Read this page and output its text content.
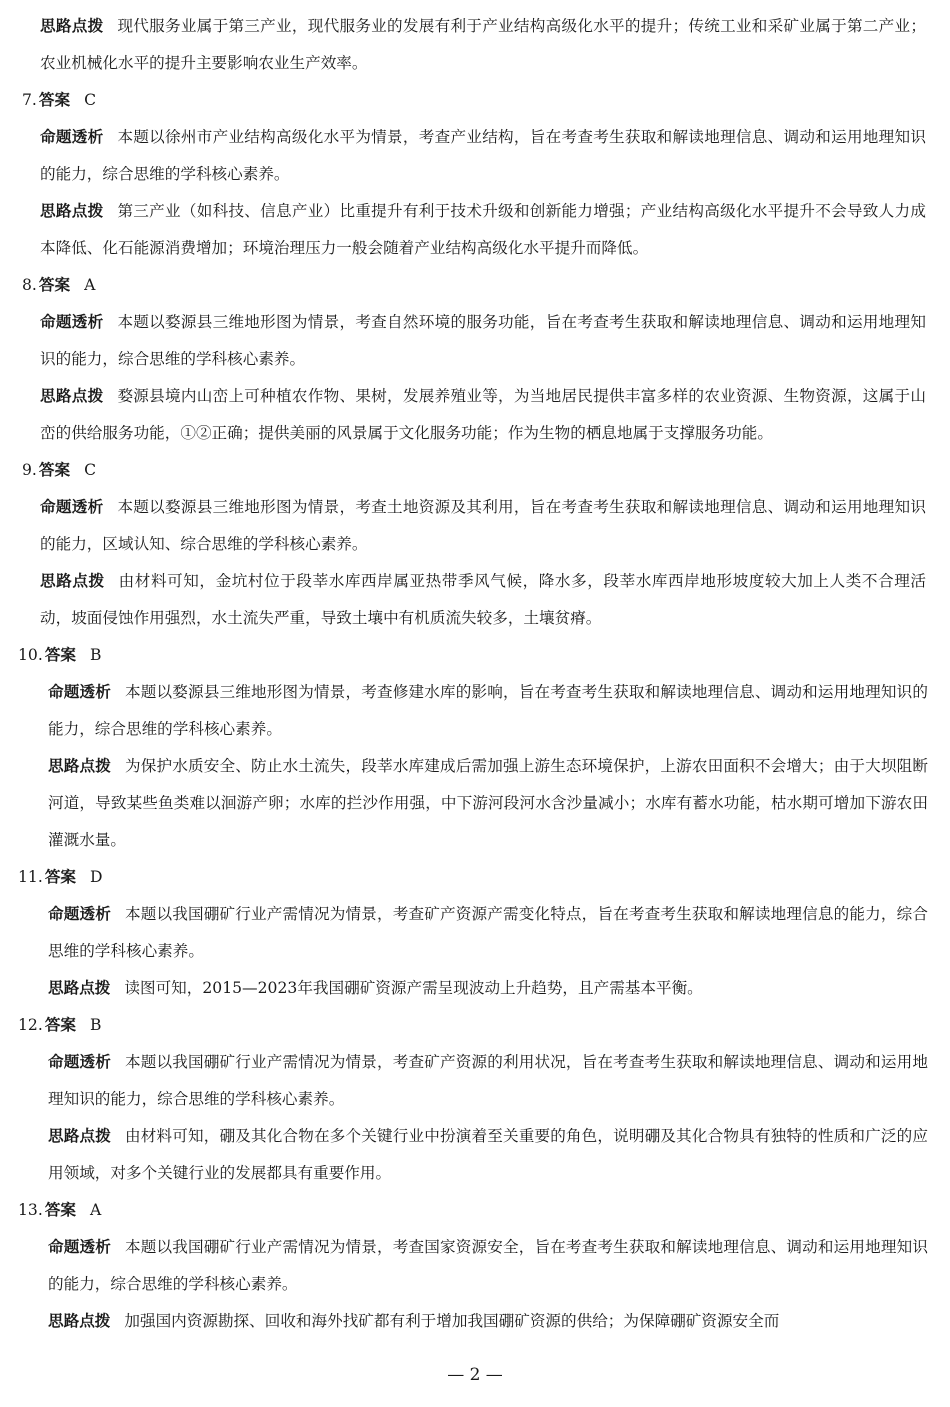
思路点拨 现代服务业属于第三产业，现代服务业的发展有利于产业结构高级化水平的提升；传统工业和采矿业属于第二产业；农业机械化水平的提升主要影响农业生产效率。

7. 答案 C

命题透析 本题以徐州市产业结构高级化水平为情景，考查产业结构，旨在考查考生获取和解读地理信息、调动和运用地理知识的能力，综合思维的学科核心素养。

思路点拨 第三产业（如科技、信息产业）比重提升有利于技术升级和创新能力增强；产业结构高级化水平提升不会导致人力成本降低、化石能源消费增加；环境治理压力一般会随着产业结构高级化水平提升而降低。

8. 答案 A

命题透析 本题以婺源县三维地形图为情景，考查自然环境的服务功能，旨在考查考生获取和解读地理信息、调动和运用地理知识的能力，综合思维的学科核心素养。

思路点拨 婺源县境内山峦上可种植农作物、果树，发展养殖业等，为当地居民提供丰富多样的农业资源、生物资源，这属于山峦的供给服务功能，①②正确；提供美丽的风景属于文化服务功能；作为生物的栖息地属于支撑服务功能。

9. 答案 C

命题透析 本题以婺源县三维地形图为情景，考查土地资源及其利用，旨在考查考生获取和解读地理信息、调动和运用地理知识的能力，区域认知、综合思维的学科核心素养。

思路点拨 由材料可知，金坑村位于段莘水库西岸属亚热带季风气候，降水多，段莘水库西岸地形坡度较大加上人类不合理活动，坡面侵蚀作用强烈，水土流失严重，导致土壤中有机质流失较多，土壤贫瘠。

10. 答案 B

命题透析 本题以婺源县三维地形图为情景，考查修建水库的影响，旨在考查考生获取和解读地理信息、调动和运用地理知识的能力，综合思维的学科核心素养。

思路点拨 为保护水质安全、防止水土流失，段莘水库建成后需加强上游生态环境保护，上游农田面积不会增大；由于大坝阻断河道，导致某些鱼类难以洄游产卵；水库的拦沙作用强，中下游河段河水含沙量减小；水库有蓄水功能，枯水期可增加下游农田灌溉水量。

11. 答案 D

命题透析 本题以我国硼矿行业产需情况为情景，考查矿产资源产需变化特点，旨在考查考生获取和解读地理信息的能力，综合思维的学科核心素养。

思路点拨 读图可知，2015—2023年我国硼矿资源产需呈现波动上升趋势，且产需基本平衡。

12. 答案 B

命题透析 本题以我国硼矿行业产需情况为情景，考查矿产资源的利用状况，旨在考查考生获取和解读地理信息、调动和运用地理知识的能力，综合思维的学科核心素养。

思路点拨 由材料可知，硼及其化合物在多个关键行业中扮演着至关重要的角色，说明硼及其化合物具有独特的性质和广泛的应用领域，对多个关键行业的发展都具有重要作用。

13. 答案 A

命题透析 本题以我国硼矿行业产需情况为情景，考查国家资源安全，旨在考查考生获取和解读地理信息、调动和运用地理知识的能力，综合思维的学科核心素养。

思路点拨 加强国内资源勘探、回收和海外找矿都有利于增加我国硼矿资源的供给；为保障硼矿资源安全而

— 2 —
